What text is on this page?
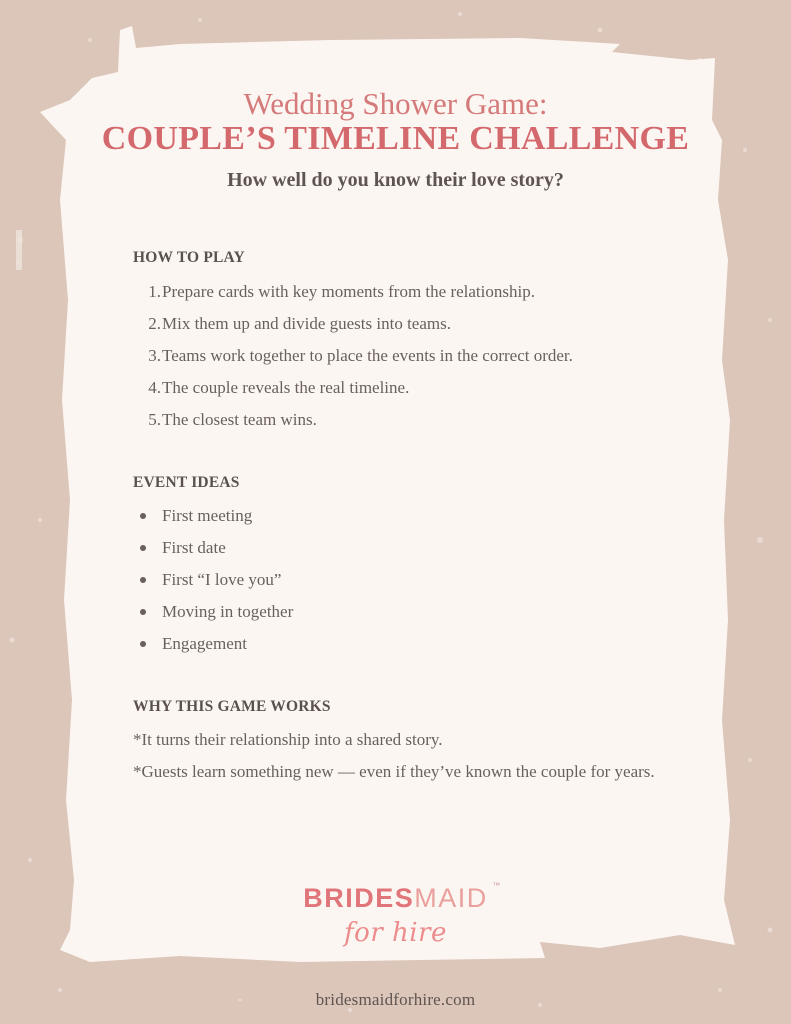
Wedding Shower Game:
COUPLE’S TIMELINE CHALLENGE
How well do you know their love story?
HOW TO PLAY
1. Prepare cards with key moments from the relationship.
2. Mix them up and divide guests into teams.
3. Teams work together to place the events in the correct order.
4. The couple reveals the real timeline.
5. The closest team wins.
EVENT IDEAS
First meeting
First date
First “I love you”
Moving in together
Engagement
WHY THIS GAME WORKS
*It turns their relationship into a shared story.
*Guests learn something new — even if they’ve known the couple for years.
BRIDESMAID ™
for hire
bridesmaidforhire.com
